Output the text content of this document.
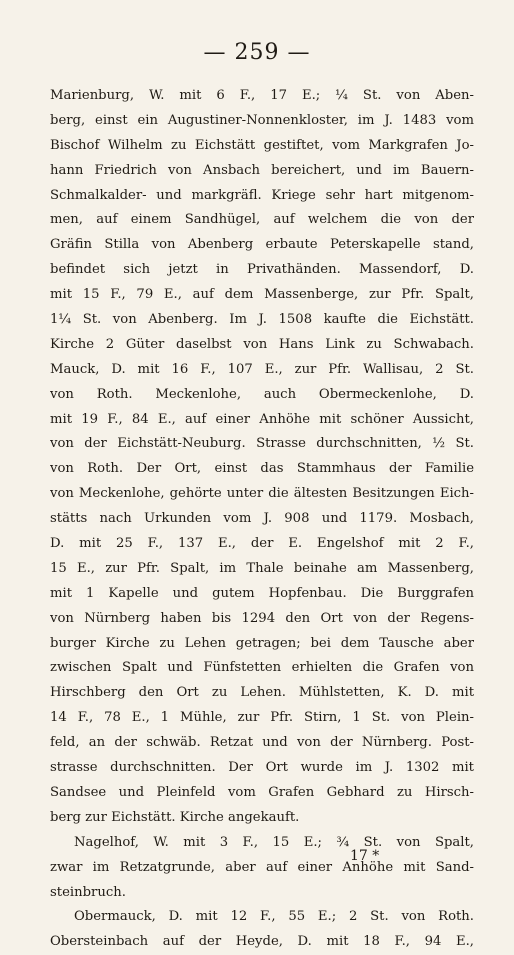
— 259 —
Marienburg, W. mit 6 F., 17 E.; ¼ St. von Aben-
berg, einst ein Augustiner-Nonnenkloster, im J. 1483 vom
Bischof Wilhelm zu Eichstätt gestiftet, vom Markgrafen Jo-
hann Friedrich von Ansbach bereichert, und im Bauern-
Schmalkalder- und markgräfl. Kriege sehr hart mitgenom-
men, auf einem Sandhügel, auf welchem die von der
Gräfin Stilla von Abenberg erbaute Peterskapelle stand,
befindet sich jetzt in Privathänden. Massendorf, D.
mit 15 F., 79 E., auf dem Massenberge, zur Pfr. Spalt,
1¼ St. von Abenberg. Im J. 1508 kaufte die Eichstätt.
Kirche 2 Güter daselbst von Hans Link zu Schwabach.
Mauck, D. mit 16 F., 107 E., zur Pfr. Wallisau, 2 St.
von Roth. Meckenlohe, auch Obermeckenlohe, D.
mit 19 F., 84 E., auf einer Anhöhe mit schöner Aussicht,
von der Eichstätt-Neuburg. Strasse durchschnitten, ½ St.
von Roth. Der Ort, einst das Stammhaus der Familie
von Meckenlohe, gehörte unter die ältesten Besitzungen Eich-
stätts nach Urkunden vom J. 908 und 1179. Mosbach,
D. mit 25 F., 137 E., der E. Engelshof mit 2 F.,
15 E., zur Pfr. Spalt, im Thale beinahe am Massenberg,
mit 1 Kapelle und gutem Hopfenbau. Die Burggrafen
von Nürnberg haben bis 1294 den Ort von der Regens-
burger Kirche zu Lehen getragen; bei dem Tausche aber
zwischen Spalt und Fünfstetten erhielten die Grafen von
Hirschberg den Ort zu Lehen. Mühlstetten, K. D. mit
14 F., 78 E., 1 Mühle, zur Pfr. Stirn, 1 St. von Plein-
feld, an der schwäb. Retzat und von der Nürnberg. Post-
strasse durchschnitten. Der Ort wurde im J. 1302 mit
Sandsee und Pleinfeld vom Grafen Gebhard zu Hirsch-
berg zur Eichstätt. Kirche angekauft.
Nagelhof, W. mit 3 F., 15 E.; ¾ St. von Spalt,
zwar im Retzatgrunde, aber auf einer Anhöhe mit Sand-
steinbruch.
Obermauck, D. mit 12 F., 55 E.; 2 St. von Roth.
Obersteinbach auf der Heyde, D. mit 18 F., 94 E.,
17 *
